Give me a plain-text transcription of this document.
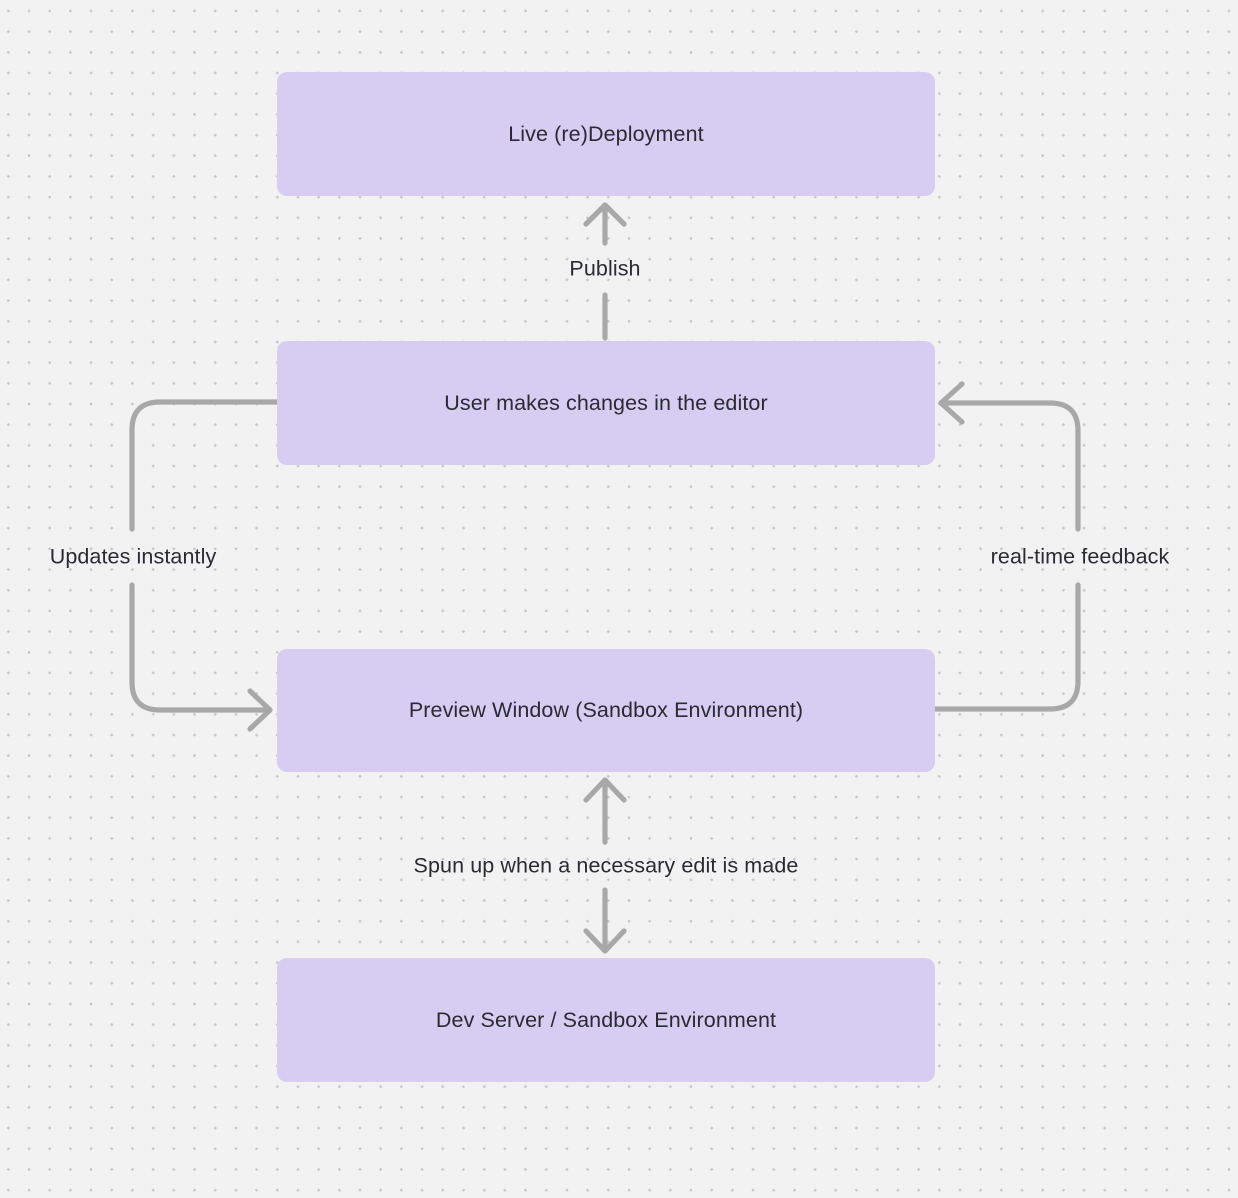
Live (re)Deployment
User makes changes in the editor
Preview Window (Sandbox Environment)
Dev Server / Sandbox Environment
Publish
Updates instantly	real-time feedback
Spun up when a necessary edit is made
